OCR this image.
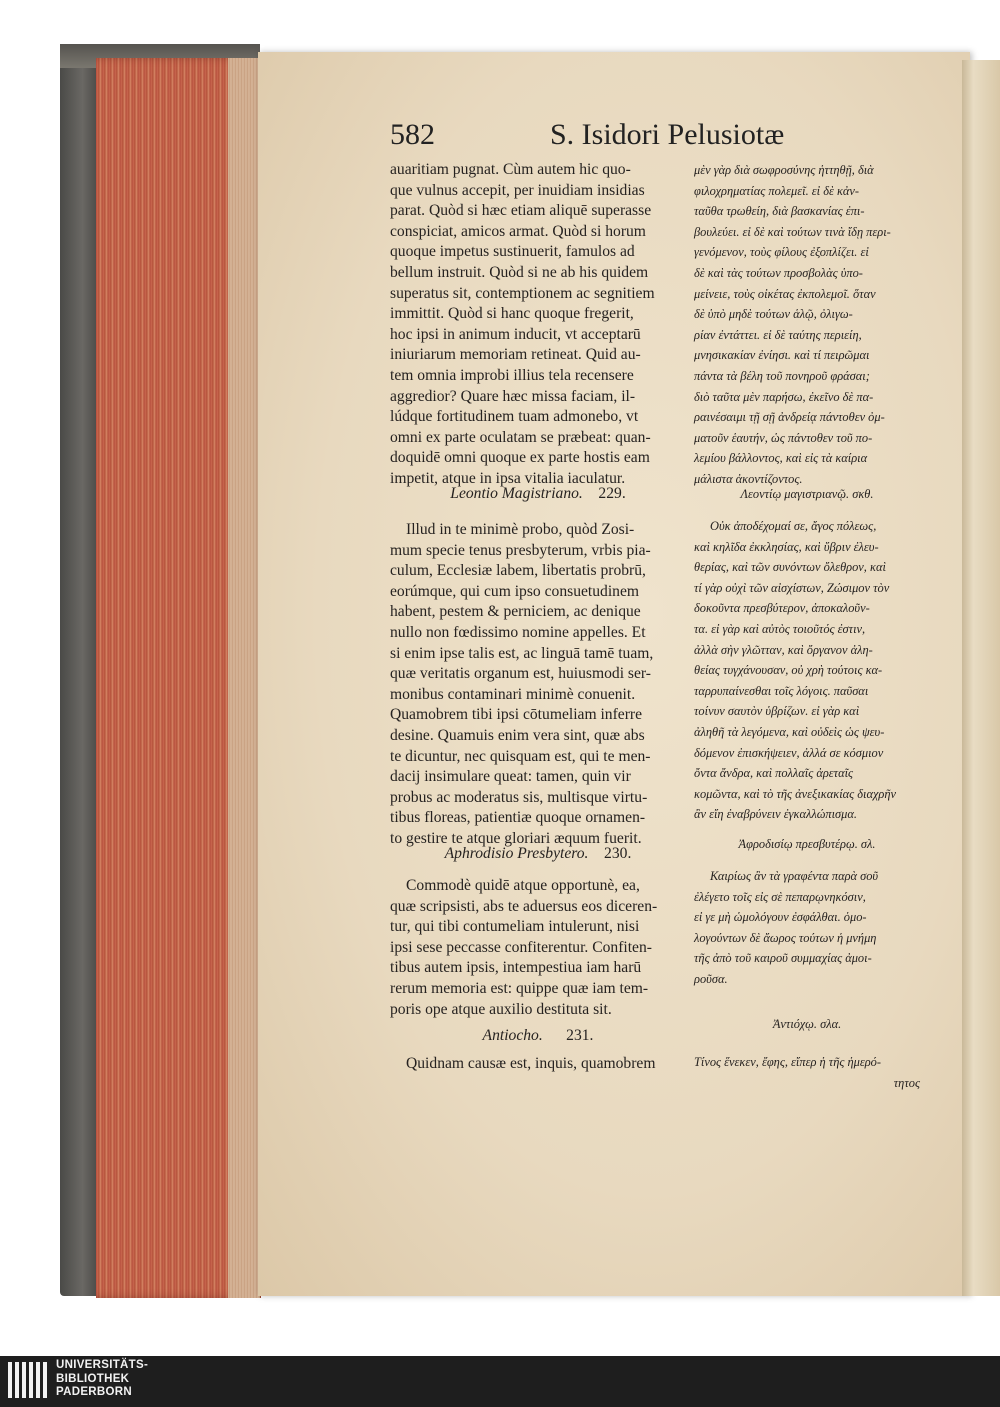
582	S. Isidori Pelusiotæ

auaritiam pugnat. Cùm autem hic quo-

que vulnus accepit, per inuidiam insidias

parat. Quòd si hæc etiam aliquē superasse

conspiciat, amicos armat. Quòd si horum

quoque impetus sustinuerit, famulos ad

bellum instruit. Quòd si ne ab his quidem

superatus sit, contemptionem ac segnitiem

immittit. Quòd si hanc quoque fregerit,

hoc ipsi in animum inducit, vt acceptarū

iniuriarum memoriam retineat. Quid au-

tem omnia improbi illius tela recensere

aggredior? Quare hæc missa faciam, il-

lúdque fortitudinem tuam admonebo, vt

omni ex parte oculatam se præbeat: quan-

doquidē omni quoque ex parte hostis eam

impetit, atque in ipsa vitalia iaculatur.

Leontio Magistriano. 229.

Illud in te minimè probo, quòd Zosi-

mum specie tenus presbyterum, vrbis pia-

culum, Ecclesiæ labem, libertatis probrū,

eorúmque, qui cum ipso consuetudinem

habent, pestem & perniciem, ac denique

nullo non fœdissimo nomine appelles. Et

si enim ipse talis est, ac linguā tamē tuam,

quæ veritatis organum est, huiusmodi ser-

monibus contaminari minimè conuenit.

Quamobrem tibi ipsi cōtumeliam inferre

desine. Quamuis enim vera sint, quæ abs

te dicuntur, nec quisquam est, qui te men-

dacij insimulare queat: tamen, quin vir

probus ac moderatus sis, multisque virtu-

tibus floreas, patientiæ quoque ornamen-

to gestire te atque gloriari æquum fuerit.

Aphrodisio Presbytero. 230.

Commodè quidē atque opportunè, ea,

quæ scripsisti, abs te aduersus eos diceren-

tur, qui tibi contumeliam intulerunt, nisi

ipsi sese peccasse confiterentur. Confiten-

tibus autem ipsis, intempestiua iam harū

rerum memoria est: quippe quæ iam tem-

poris ope atque auxilio destituta sit.

Antiocho. 231.

Quidnam causæ est, inquis, quamobrem

μὲν γὰρ διὰ σωφροσύνης ἡττηθῇ, διὰ

φιλοχρηματίας πολεμεῖ. εἰ δὲ κἀν-

ταῦθα τρωθείη, διὰ βασκανίας ἐπι-

βουλεύει. εἰ δὲ καὶ τούτων τινὰ ἴδῃ περι-

γενόμενον, τοὺς φίλους ἐξοπλίζει. εἰ

δὲ καὶ τὰς τούτων προσβολὰς ὑπο-

μείνειε, τοὺς οἰκέτας ἐκπολεμοῖ. ὅταν

δὲ ὑπὸ μηδὲ τούτων ἁλῷ, ὀλιγω-

ρίαν ἐντάττει. εἰ δὲ ταύτης περιείη,

μνησικακίαν ἐνίησι. καὶ τί πειρῶμαι

πάντα τὰ βέλη τοῦ πονηροῦ φράσαι;

διὸ ταῦτα μὲν παρήσω, ἐκεῖνο δὲ πα-

ραινέσαιμι τῇ σῇ ἀνδρείᾳ πάντοθεν ὀμ-

ματοῦν ἑαυτήν, ὡς πάντοθεν τοῦ πο-

λεμίου βάλλοντος, καὶ εἰς τὰ καίρια

μάλιστα ἀκοντίζοντος.

Λεοντίῳ μαγιστριανῷ. σκθ.

Οὐκ ἀποδέχομαί σε, ἄγος πόλεως,

καὶ κηλῖδα ἐκκλησίας, καὶ ὕβριν ἐλευ-

θερίας, καὶ τῶν συνόντων ὄλεθρον, καὶ

τί γὰρ οὐχὶ τῶν αἰσχίστων, Ζώσιμον τὸν

δοκοῦντα πρεσβύτερον, ἀποκαλοῦν-

τα. εἰ γὰρ καὶ αὐτὸς τοιοῦτός ἐστιν,

ἀλλὰ σὴν γλῶτταν, καὶ ὄργανον ἀλη-

θείας τυγχάνουσαν, οὐ χρὴ τούτοις κα-

ταρρυπαίνεσθαι τοῖς λόγοις. παῦσαι

τοίνυν σαυτὸν ὑβρίζων. εἰ γὰρ καὶ

ἀληθῆ τὰ λεγόμενα, καὶ οὐδεὶς ὡς ψευ-

δόμενον ἐπισκήψειεν, ἀλλά σε κόσμιον

ὄντα ἄνδρα, καὶ πολλαῖς ἀρεταῖς

κομῶντα, καὶ τὸ τῆς ἀνεξικακίας διαχρῆν

ἂν εἴη ἐναβρύνειν ἐγκαλλώπισμα.

Ἀφροδισίῳ πρεσβυτέρῳ. σλ.

Καιρίως ἂν τὰ γραφέντα παρὰ σοῦ

ἐλέγετο τοῖς εἰς σὲ πεπαρῳνηκόσιν,

εἰ γε μὴ ὡμολόγουν ἐσφάλθαι. ὁμο-

λογούντων δὲ ἄωρος τούτων ἡ μνήμη

τῆς ἀπὸ τοῦ καιροῦ συμμαχίας ἀμοι-

ροῦσα.

Ἀντιόχῳ. σλα.

Τίνος ἕνεκεν, ἔφης, εἴπερ ἡ τῆς ἡμερό-

τητος

UNIVERSITÄTS-
BIBLIOTHEK
PADERBORN
